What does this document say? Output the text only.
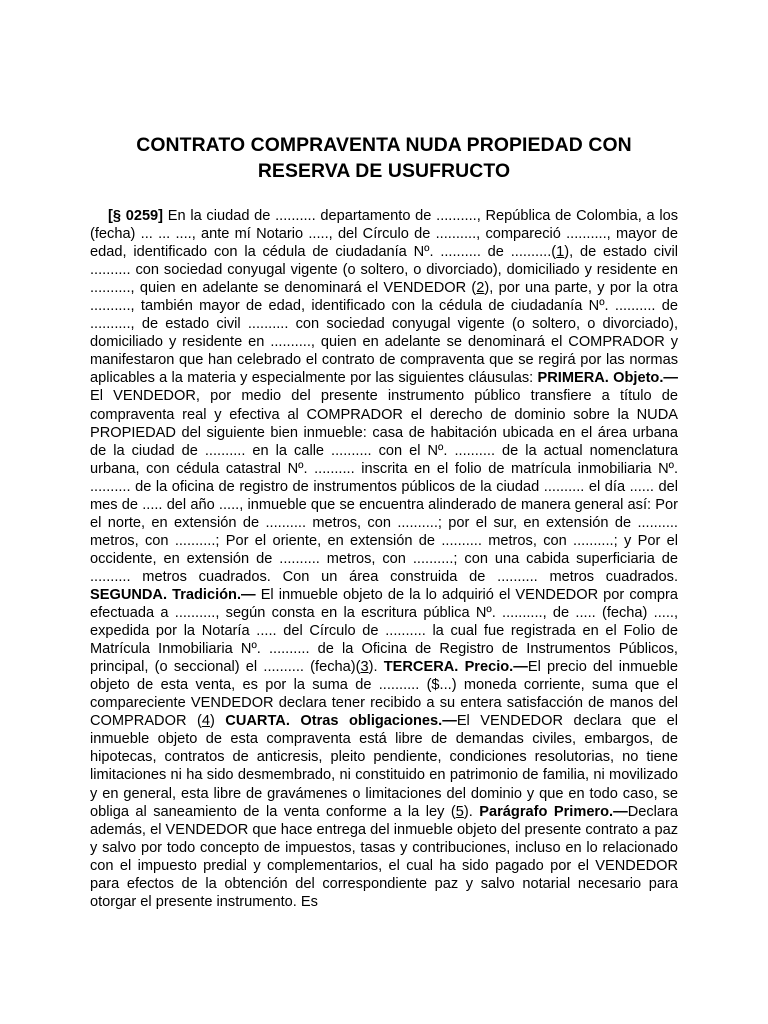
CONTRATO COMPRAVENTA NUDA PROPIEDAD CON
RESERVA DE USUFRUCTO

[§ 0259] En la ciudad de .......... departamento de .........., República de Colombia, a los (fecha) ... ... ...., ante mí Notario ....., del Círculo de .........., compareció .........., mayor de edad, identificado con la cédula de ciudadanía Nº. .......... de ..........(1), de estado civil .......... con sociedad conyugal vigente (o soltero, o divorciado), domiciliado y residente en .........., quien en adelante se denominará el VENDEDOR (2), por una parte, y por la otra .........., también mayor de edad, identificado con la cédula de ciudadanía Nº. .......... de .........., de estado civil .......... con sociedad conyugal vigente (o soltero, o divorciado), domiciliado y residente en .........., quien en adelante se denominará el COMPRADOR y manifestaron que han celebrado el contrato de compraventa que se regirá por las normas aplicables a la materia y especialmente por las siguientes cláusulas: PRIMERA. Objeto.—El VENDEDOR, por medio del presente instrumento público transfiere a título de compraventa real y efectiva al COMPRADOR el derecho de dominio sobre la NUDA PROPIEDAD del siguiente bien inmueble: casa de habitación ubicada en el área urbana de la ciudad de .......... en la calle .......... con el Nº. .......... de la actual nomenclatura urbana, con cédula catastral Nº. .......... inscrita en el folio de matrícula inmobiliaria Nº. .......... de la oficina de registro de instrumentos públicos de la ciudad .......... el día ...... del mes de ..... del año ....., inmueble que se encuentra alinderado de manera general así: Por el norte, en extensión de .......... metros, con ..........; por el sur, en extensión de .......... metros, con ..........; Por el oriente, en extensión de .......... metros, con ..........; y Por el occidente, en extensión de .......... metros, con ..........; con una cabida superficiaria de .......... metros cuadrados. Con un área construida de .......... metros cuadrados. SEGUNDA. Tradición.— El inmueble objeto de la lo adquirió el VENDEDOR por compra efectuada a .........., según consta en la escritura pública Nº. .........., de ..... (fecha) ....., expedida por la Notaría ..... del Círculo de .......... la cual fue registrada en el Folio de Matrícula Inmobiliaria Nº. .......... de la Oficina de Registro de Instrumentos Públicos, principal, (o seccional) el .......... (fecha)(3). TERCERA. Precio.—El precio del inmueble objeto de esta venta, es por la suma de .......... ($...) moneda corriente, suma que el compareciente VENDEDOR declara tener recibido a su entera satisfacción de manos del COMPRADOR (4) CUARTA. Otras obligaciones.—El VENDEDOR declara que el inmueble objeto de esta compraventa está libre de demandas civiles, embargos, de hipotecas, contratos de anticresis, pleito pendiente, condiciones resolutorias, no tiene limitaciones ni ha sido desmembrado, ni constituido en patrimonio de familia, ni movilizado y en general, esta libre de gravámenes o limitaciones del dominio y que en todo caso, se obliga al saneamiento de la venta conforme a la ley (5). Parágrafo Primero.—Declara además, el VENDEDOR que hace entrega del inmueble objeto del presente contrato a paz y salvo por todo concepto de impuestos, tasas y contribuciones, incluso en lo relacionado con el impuesto predial y complementarios, el cual ha sido pagado por el VENDEDOR para efectos de la obtención del correspondiente paz y salvo notarial necesario para otorgar el presente instrumento. Es
